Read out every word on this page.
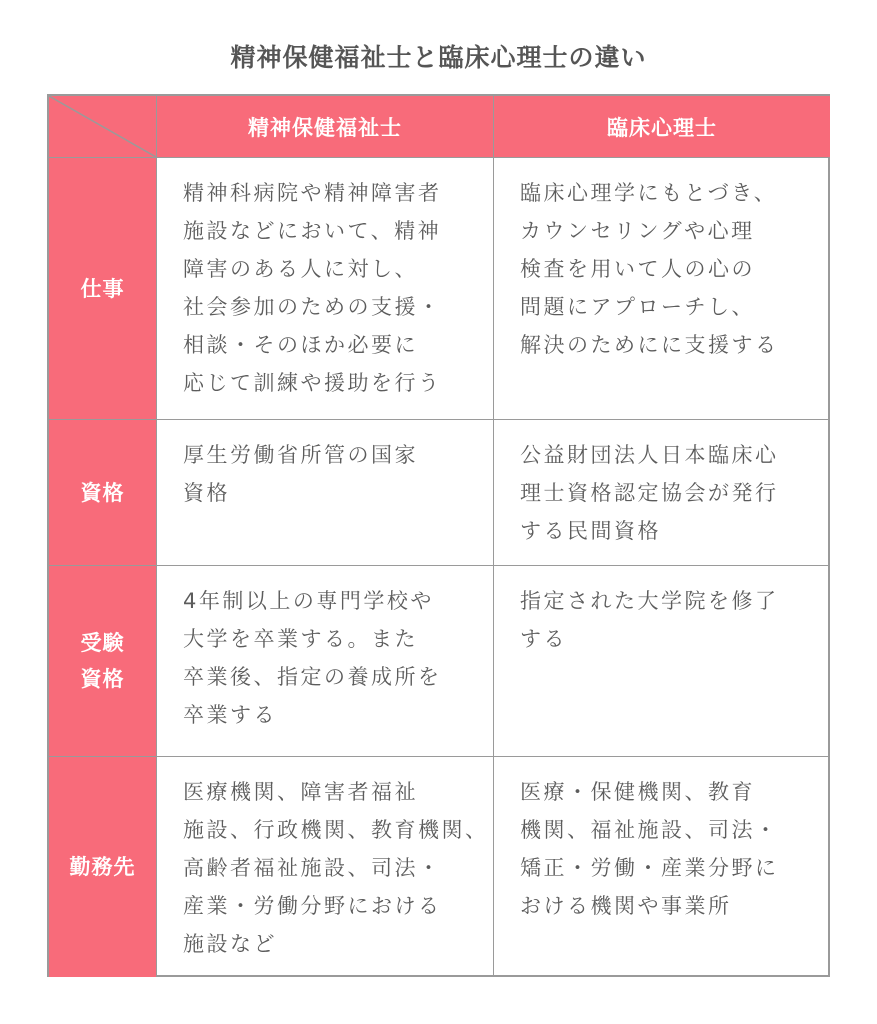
精神保健福祉士と臨床心理士の違い
精神保健福祉士	臨床心理士
仕事
精神科病院や精神障害者
施設などにおいて、精神
障害のある人に対し、
社会参加のための支援・
相談・そのほか必要に
応じて訓練や援助を行う
臨床心理学にもとづき、
カウンセリングや心理
検査を用いて人の心の
問題にアプローチし、
解決のためにに支援する
資格
厚生労働省所管の国家
資格
公益財団法人日本臨床心
理士資格認定協会が発行
する民間資格
受験
資格
4年制以上の専門学校や
大学を卒業する。また
卒業後、指定の養成所を
卒業する
指定された大学院を修了
する
勤務先
医療機関、障害者福祉
施設、行政機関、教育機関、
高齢者福祉施設、司法・
産業・労働分野における
施設など
医療・保健機関、教育
機関、福祉施設、司法・
矯正・労働・産業分野に
おける機関や事業所
